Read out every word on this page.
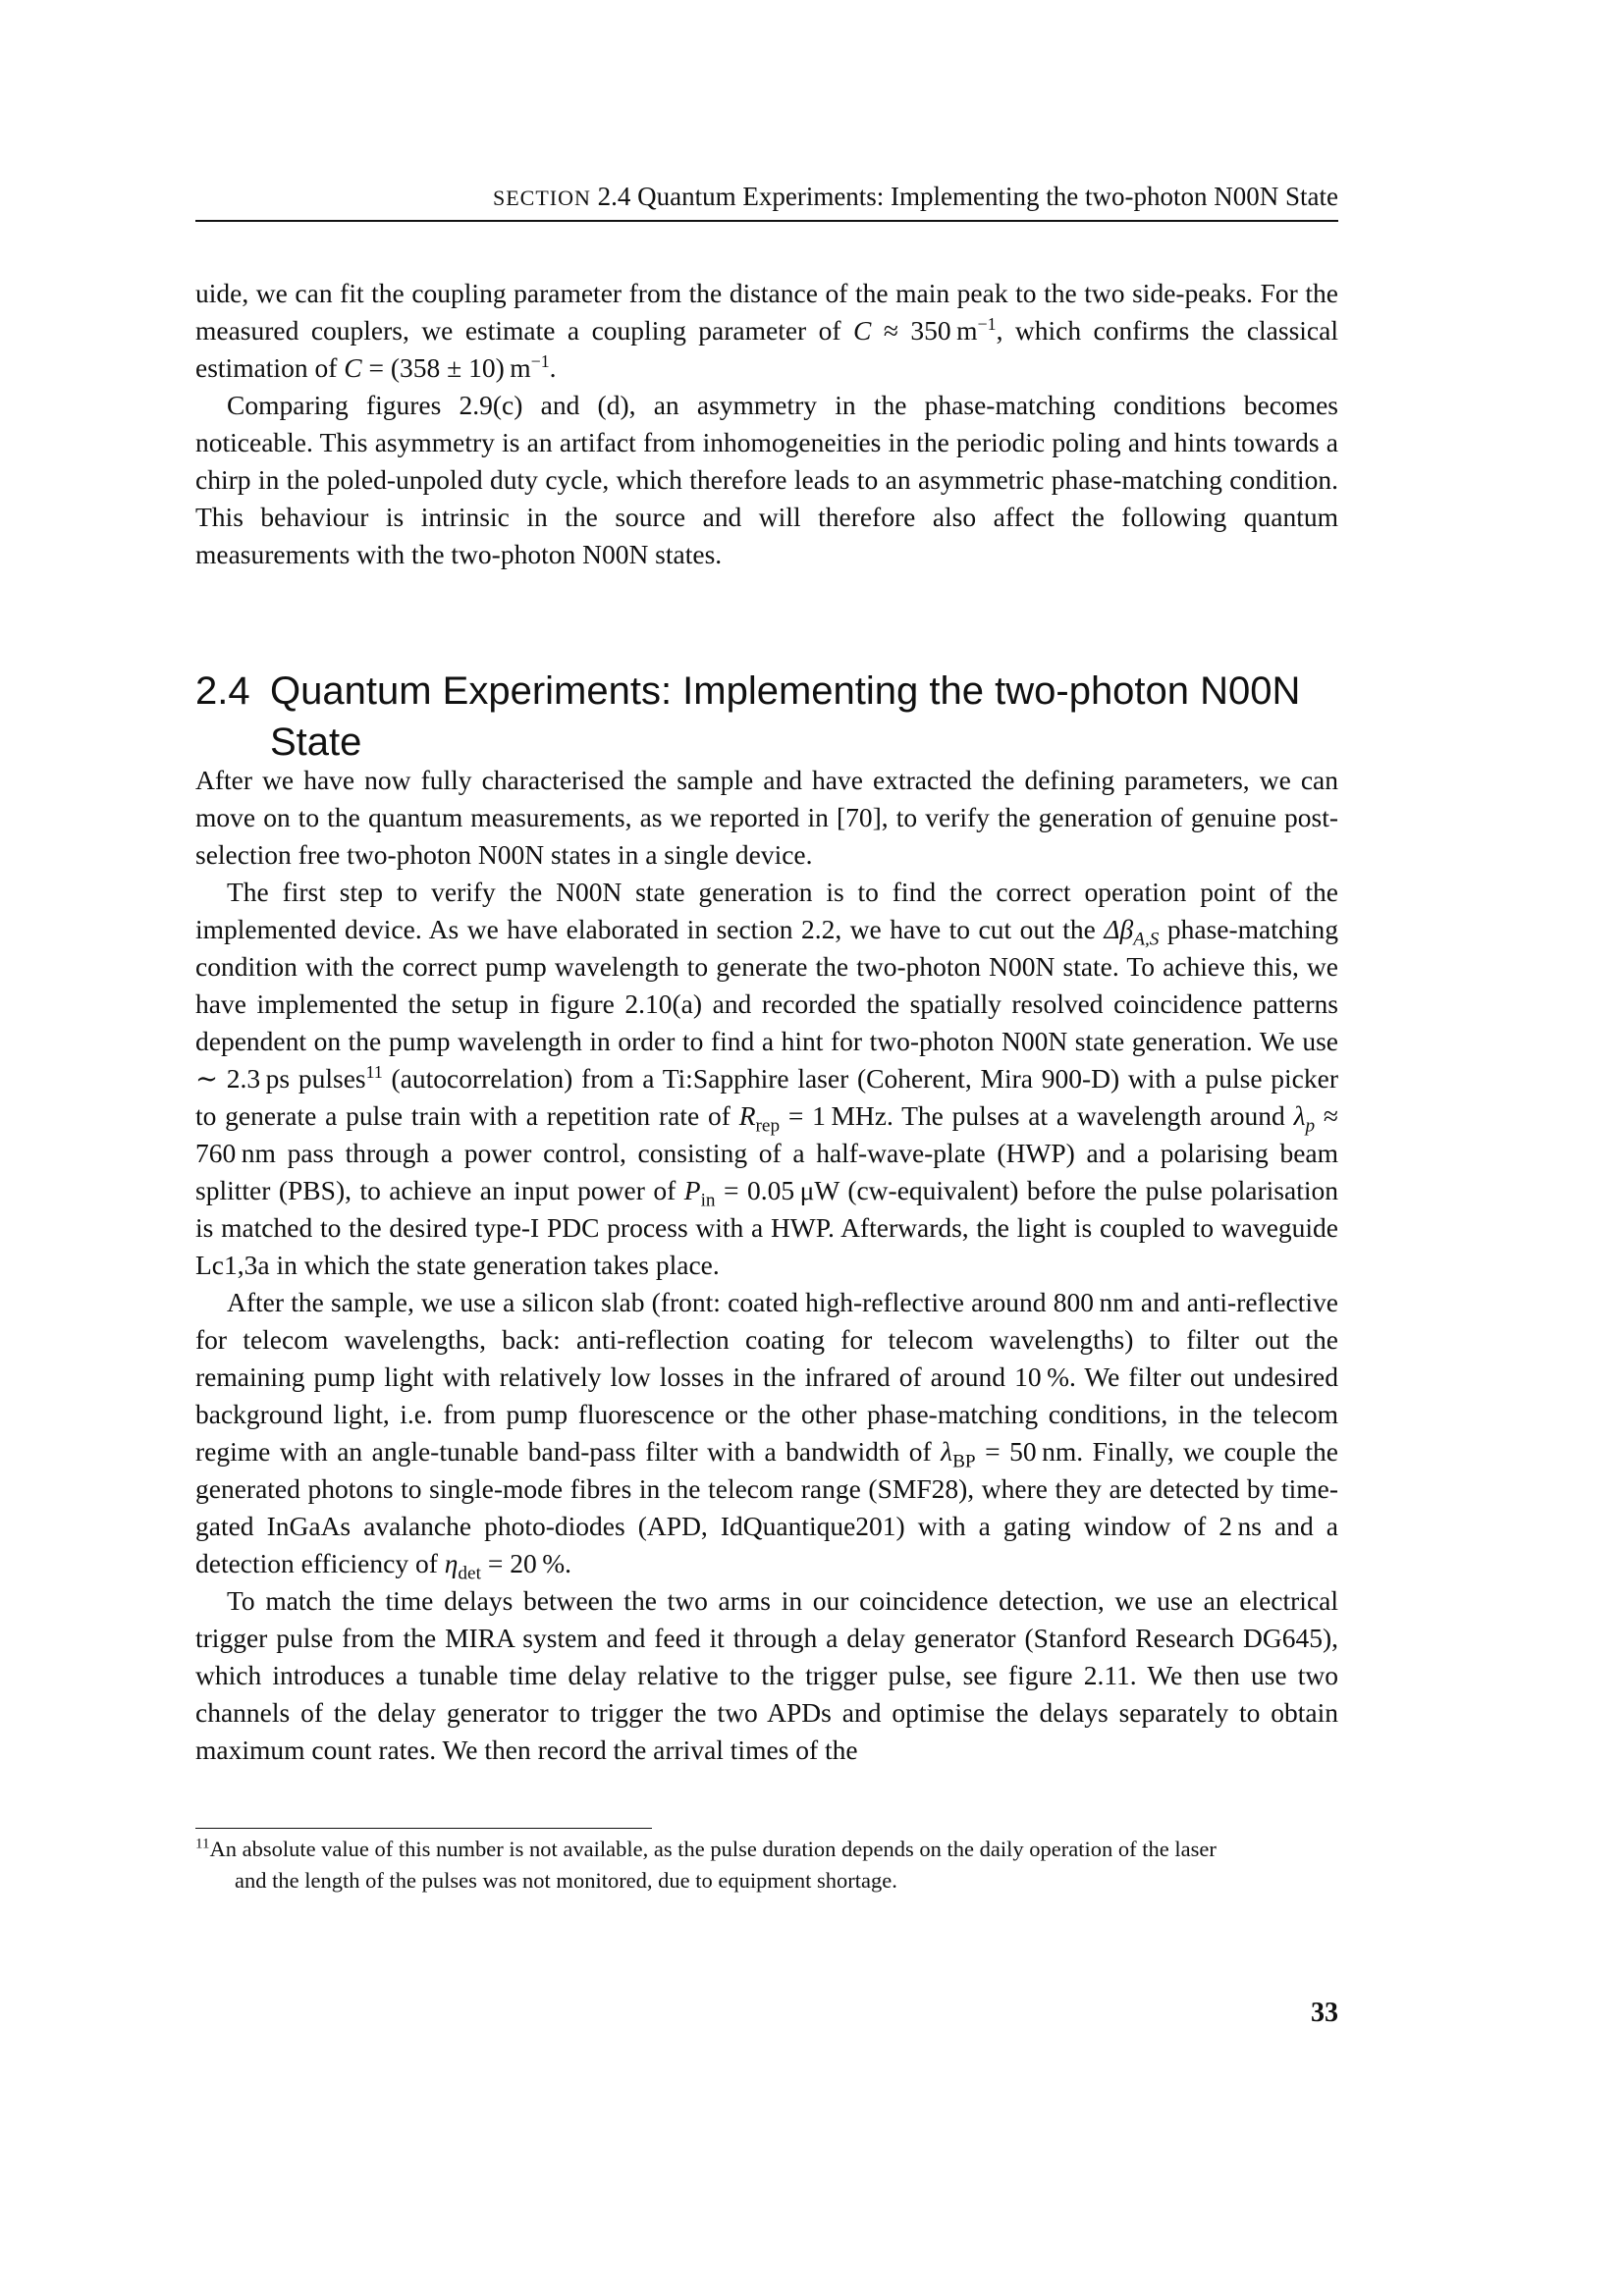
SECTION 2.4 Quantum Experiments: Implementing the two-photon N00N State

uide, we can fit the coupling parameter from the distance of the main peak to the two side-peaks. For the measured couplers, we estimate a coupling parameter of C ≈ 350 $m^{-1}$, which confirms the classical estimation of C = (358 ± 10) $m^{-1}$.

Comparing figures 2.9(c) and (d), an asymmetry in the phase-matching conditions becomes noticeable. This asymmetry is an artifact from inhomogeneities in the periodic poling and hints towards a chirp in the poled-unpoled duty cycle, which therefore leads to an asymmetric phase-matching condition. This behaviour is intrinsic in the source and will therefore also affect the following quantum measurements with the two-photon N00N states.

2.4 Quantum Experiments: Implementing the two-photon N00N State

After we have now fully characterised the sample and have extracted the defining parameters, we can move on to the quantum measurements, as we reported in [70], to verify the generation of genuine post-selection free two-photon N00N states in a single device.

The first step to verify the N00N state generation is to find the correct operation point of the implemented device. As we have elaborated in section 2.2, we have to cut out the $\Delta\beta_{A,S}$ phase-matching condition with the correct pump wavelength to generate the two-photon N00N state. To achieve this, we have implemented the setup in figure 2.10(a) and recorded the spatially resolved coincidence patterns dependent on the pump wavelength in order to find a hint for two-photon N00N state generation. We use ∼ 2.3 ps pulses$^{11}$ (autocorrelation) from a Ti:Sapphire laser (Coherent, Mira 900-D) with a pulse picker to generate a pulse train with a repetition rate of $R_{rep} = 1$ MHz. The pulses at a wavelength around $\lambda_p \approx 760$ nm pass through a power control, consisting of a half-wave-plate (HWP) and a polarising beam splitter (PBS), to achieve an input power of $P_{in} = 0.05$ μW (cw-equivalent) before the pulse polarisation is matched to the desired type-I PDC process with a HWP. Afterwards, the light is coupled to waveguide Lc1,3a in which the state generation takes place.

After the sample, we use a silicon slab (front: coated high-reflective around 800 nm and anti-reflective for telecom wavelengths, back: anti-reflection coating for telecom wavelengths) to filter out the remaining pump light with relatively low losses in the infrared of around 10 %. We filter out undesired background light, i.e. from pump fluorescence or the other phase-matching conditions, in the telecom regime with an angle-tunable band-pass filter with a bandwidth of $\lambda_{BP} = 50$ nm. Finally, we couple the generated photons to single-mode fibres in the telecom range (SMF28), where they are detected by time-gated InGaAs avalanche photo-diodes (APD, IdQuantique201) with a gating window of 2 ns and a detection efficiency of $\eta_{det} = 20$ %.

To match the time delays between the two arms in our coincidence detection, we use an electrical trigger pulse from the MIRA system and feed it through a delay generator (Stanford Research DG645), which introduces a tunable time delay relative to the trigger pulse, see figure 2.11. We then use two channels of the delay generator to trigger the two APDs and optimise the delays separately to obtain maximum count rates. We then record the arrival times of the

$^{11}$An absolute value of this number is not available, as the pulse duration depends on the daily operation of the laser
and the length of the pulses was not monitored, due to equipment shortage.
33
